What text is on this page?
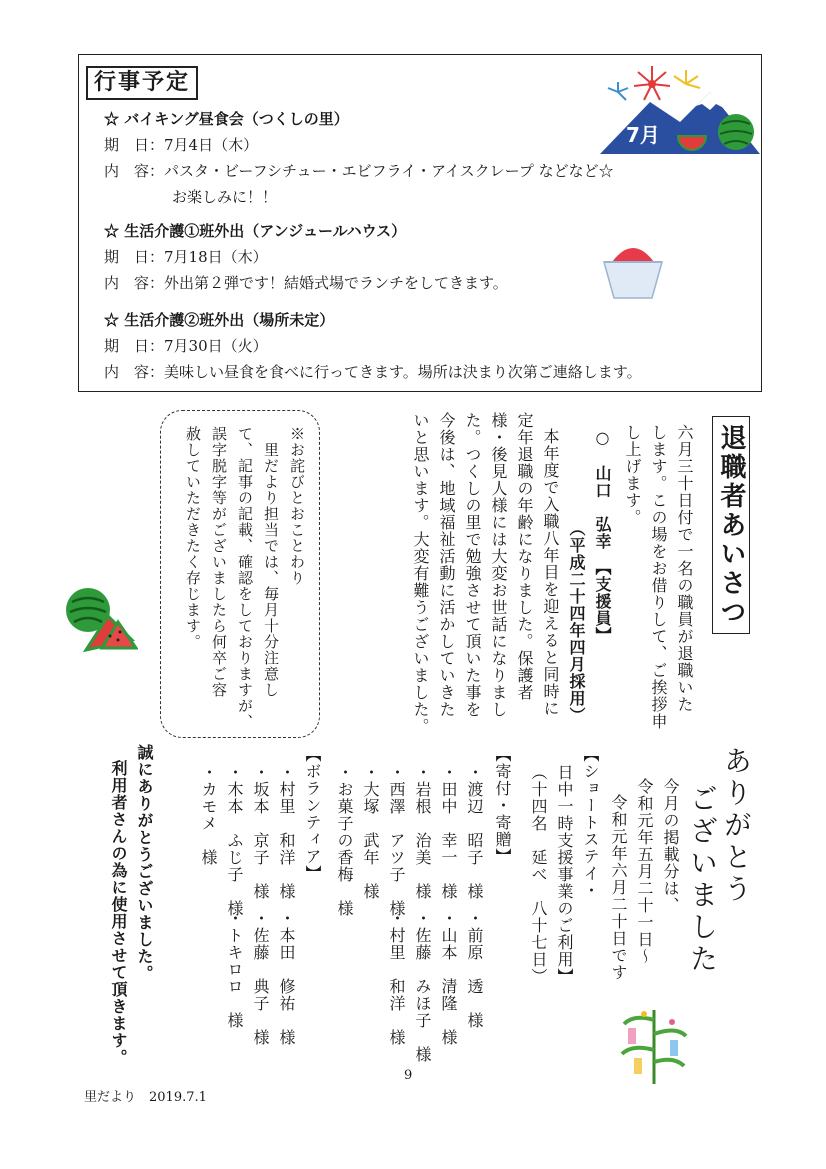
行事予定
☆ バイキング昼食会（つくしの里）
期　日：7月4日（木）
内　容：パスタ・ビーフシチュー・エビフライ・アイスクレープ などなど☆
お楽しみに！！
☆ 生活介護①班外出（アンジュールハウス）
期　日：7月18日（木）
内　容：外出第２弾です！結婚式場でランチをしてきます。
☆ 生活介護②班外出（場所未定）
期　日：7月30日（火）
内　容：美味しい昼食を食べに行ってきます。場所は決まり次第ご連絡します。
7月
退職者あいさつ
六月三十日付で一名の職員が退職いた
します。この場をお借りして、ご挨拶申
し上げます。
○　山口　弘幸　【支援員】
（平成二十四年四月採用）
本年度で入職八年目を迎えると同時に
定年退職の年齢になりました。保護者
様・後見人様には大変お世話になりまし
た。つくしの里で勉強させて頂いた事を
今後は、地域福祉活動に活かしていきた
いと思います。大変有難うございました。
※お詫びとおことわり
里だより担当では、毎月十分注意し
て、記事の記載、確認をしておりますが、
誤字脱字等がございましたら何卒ご容
赦していただきたく存じます。
ありがとう
ございました
今月の掲載分は、
令和元年五月二十一日～
令和元年六月二十日です
【ショートステイ・
日中一時支援事業のご利用】
（十四名　延べ　八十七日）
【寄付・寄贈】
・渡辺　昭子　様
・田中　幸一　様
・岩根　治美　様
・西澤　アツ子　様
・大塚　武年　様
・お菓子の香梅　様
・前原　透　様
・山本　清隆　様
・佐藤　みほ子　様
・村里　和洋　様
【ボランティア】
・村里　和洋　様
・坂本　京子　様
・木本　ふじ子　様
・カモメ　様
・本田　修祐　様
・佐藤　典子　様
・トキロロ　様
誠にありがとうございました。
利用者さんの為に使用させて頂きます。
9
里だより　2019.7.1
